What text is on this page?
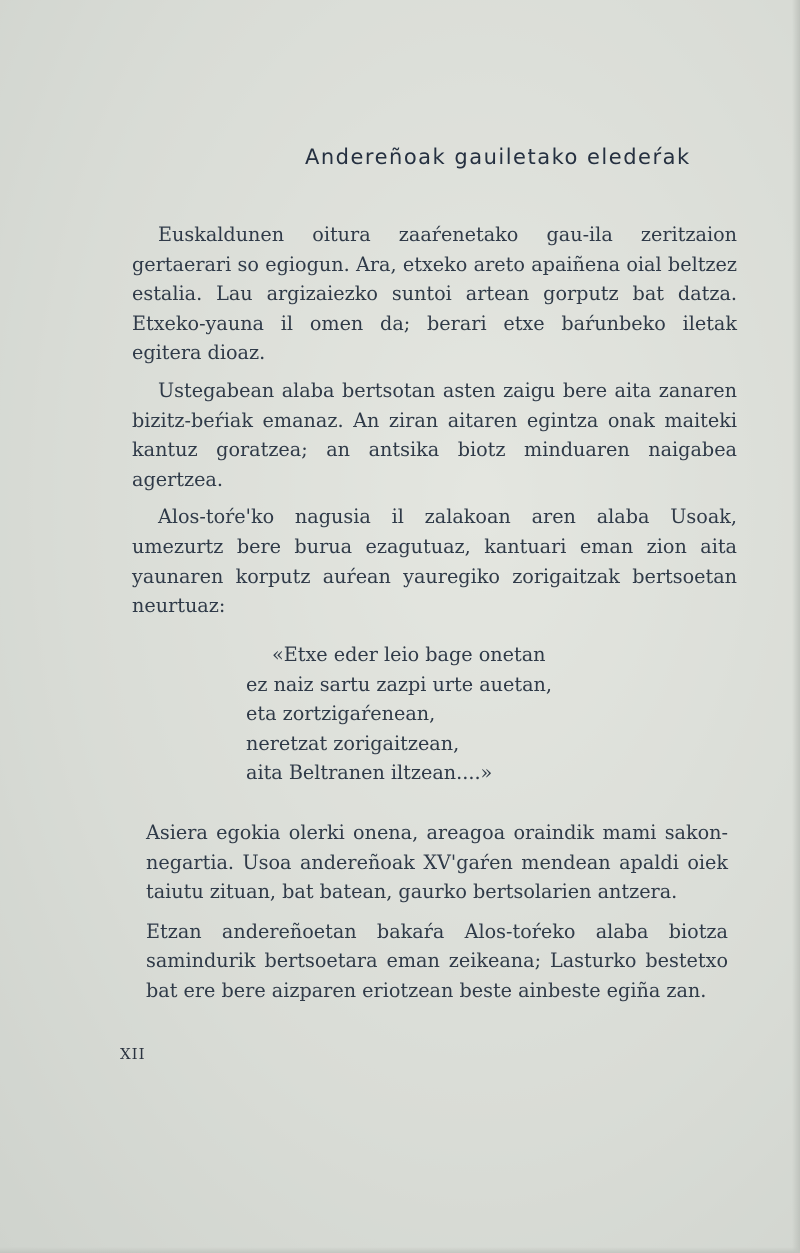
Andereñoak gauiletako eledeŕak

Euskaldunen oitura zaaŕenetako gau-ila zeritzaion gertaerari so egiogun. Ara, etxeko areto apaiñena oial beltzez estalia. Lau argizaiezko suntoi artean gorputz bat datza. Etxeko-yauna il omen da; berari etxe baŕunbeko iletak egitera dioaz.

Ustegabean alaba bertsotan asten zaigu bere aita zanaren bizitz-beŕiak emanaz. An ziran aitaren egintza onak maiteki kantuz goratzea; an antsika biotz minduaren naigabea agertzea.

Alos-toŕe'ko nagusia il zalakoan aren alaba Usoak, umezurtz bere burua ezagutuaz, kantuari eman zion aita yaunaren korputz auŕean yauregiko zorigaitzak bertsoetan neurtuaz:

«Etxe eder leio bage onetan
ez naiz sartu zazpi urte auetan,
eta zortzigaŕenean,
neretzat zorigaitzean,
aita Beltranen iltzean....»

Asiera egokia olerki onena, areagoa oraindik mami sakon-negartia. Usoa andereñoak XV'gaŕen mendean apaldi oiek taiutu zituan, bat batean, gaurko bertsolarien antzera.

Etzan andereñoetan bakaŕa Alos-toŕeko alaba biotza samindurik bertsoetara eman zeikeana; Lasturko bestetxo bat ere bere aizparen eriotzean beste ainbeste egiña zan.

XII
